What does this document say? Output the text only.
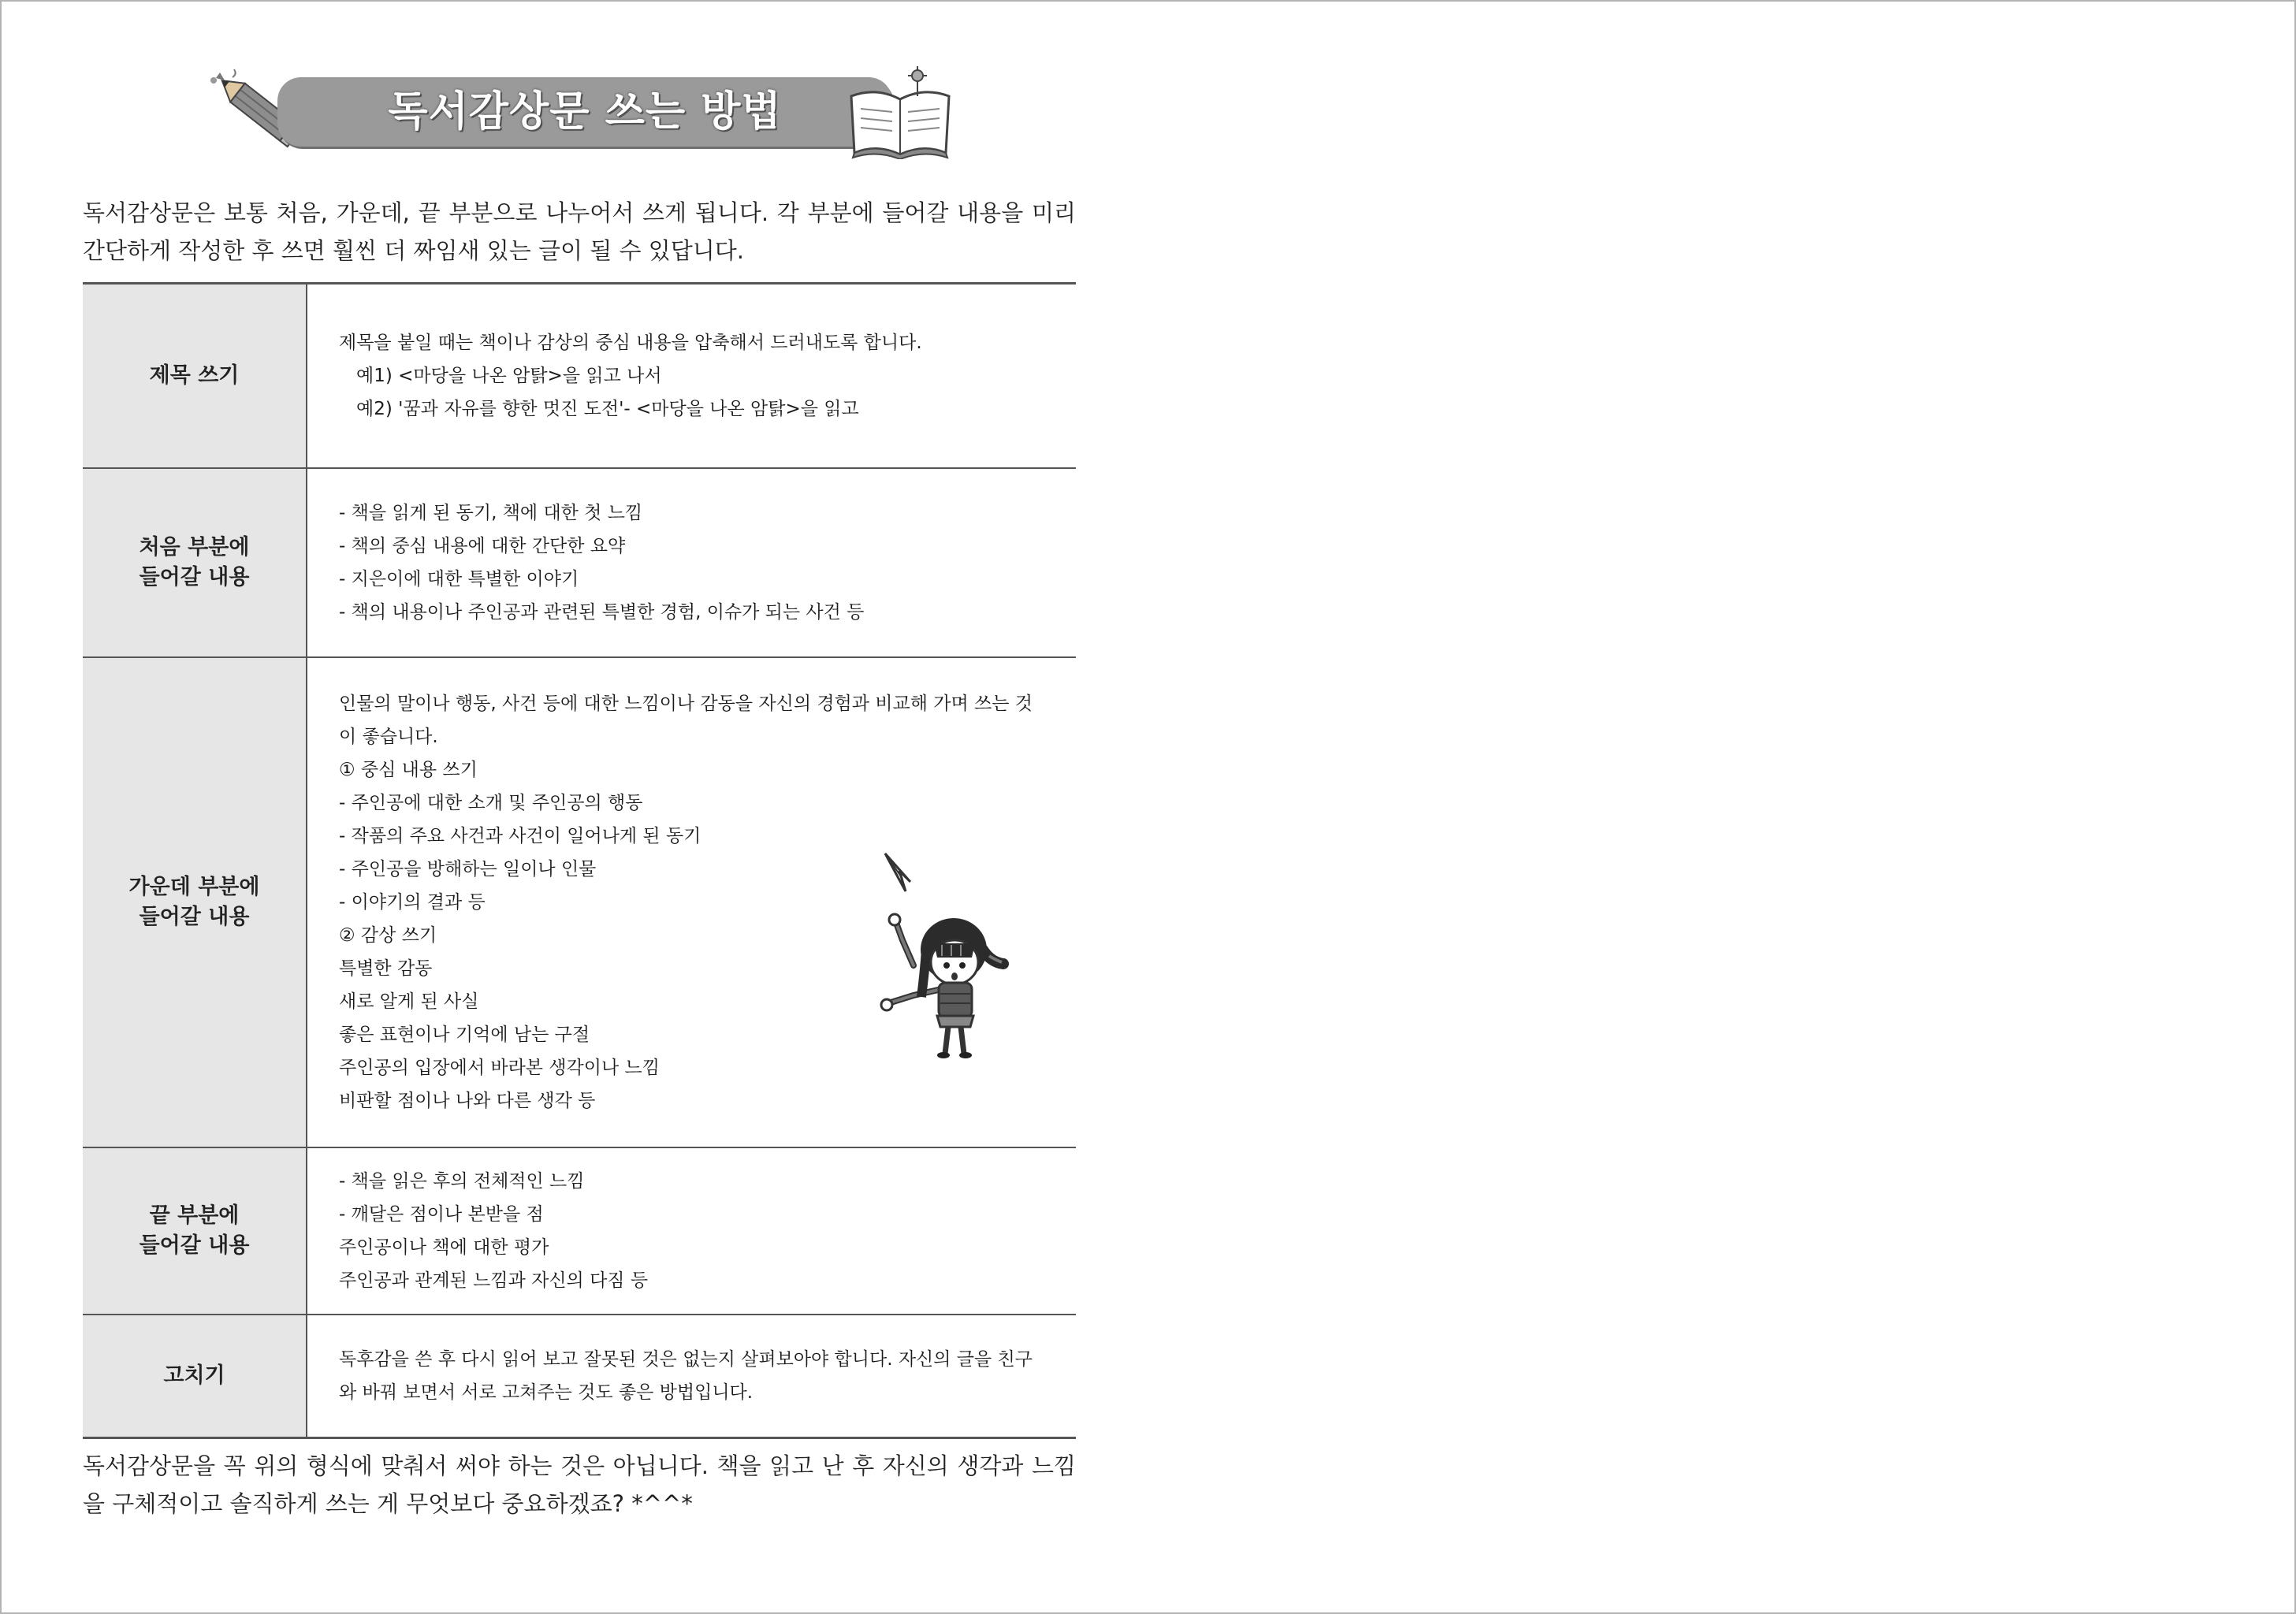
독서감상문 쓰는 방법

독서감상문은 보통 처음, 가운데, 끝 부분으로 나누어서 쓰게 됩니다. 각 부분에 들어갈 내용을 미리 간단하게 작성한 후 쓰면 훨씬 더 짜임새 있는 글이 될 수 있답니다.

제목 쓰기
제목을 붙일 때는 책이나 감상의 중심 내용을 압축해서 드러내도록 합니다.
예1) <마당을 나온 암탉>을 읽고 나서
예2) '꿈과 자유를 향한 멋진 도전'- <마당을 나온 암탉>을 읽고
처음 부분에
들어갈 내용
- 책을 읽게 된 동기, 책에 대한 첫 느낌
- 책의 중심 내용에 대한 간단한 요약
- 지은이에 대한 특별한 이야기
- 책의 내용이나 주인공과 관련된 특별한 경험, 이슈가 되는 사건 등
가운데 부분에
들어갈 내용
인물의 말이나 행동, 사건 등에 대한 느낌이나 감동을 자신의 경험과 비교해 가며 쓰는 것이 좋습니다.
① 중심 내용 쓰기
- 주인공에 대한 소개 및 주인공의 행동
- 작품의 주요 사건과 사건이 일어나게 된 동기
- 주인공을 방해하는 일이나 인물
- 이야기의 결과 등
② 감상 쓰기
특별한 감동
새로 알게 된 사실
좋은 표현이나 기억에 남는 구절
주인공의 입장에서 바라본 생각이나 느낌
비판할 점이나 나와 다른 생각 등
끝 부분에
들어갈 내용
- 책을 읽은 후의 전체적인 느낌
- 깨달은 점이나 본받을 점
주인공이나 책에 대한 평가
주인공과 관계된 느낌과 자신의 다짐 등
고치기
독후감을 쓴 후 다시 읽어 보고 잘못된 것은 없는지 살펴보아야 합니다. 자신의 글을 친구와 바꿔 보면서 서로 고쳐주는 것도 좋은 방법입니다.

독서감상문을 꼭 위의 형식에 맞춰서 써야 하는 것은 아닙니다. 책을 읽고 난 후 자신의 생각과 느낌을 구체적이고 솔직하게 쓰는 게 무엇보다 중요하겠죠? *^^*
